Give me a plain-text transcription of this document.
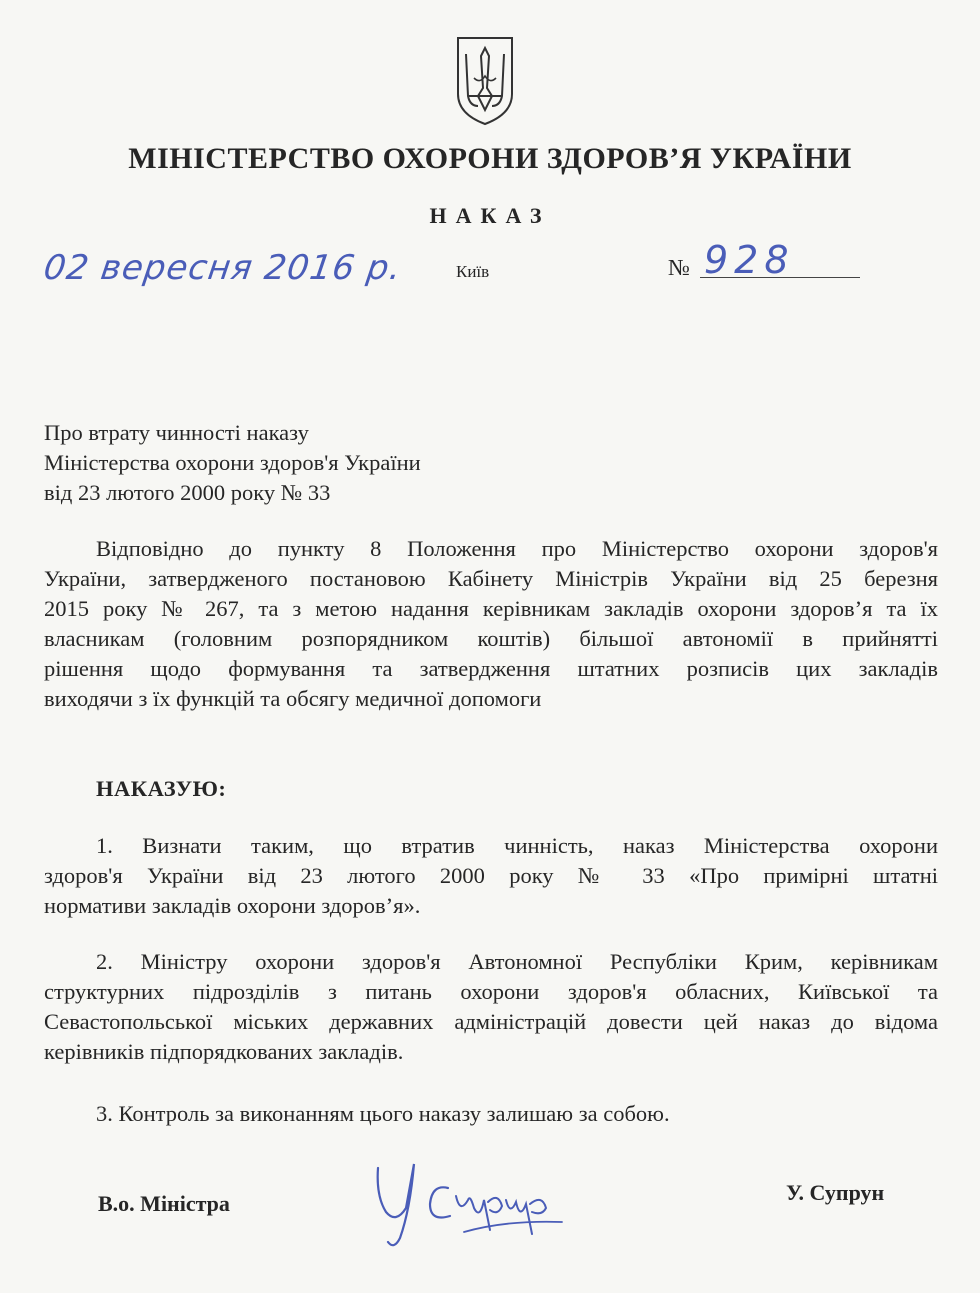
МІНІСТЕРСТВО ОХОРОНИ ЗДОРОВ’Я УКРАЇНИ
НАКАЗ
02 вересня 2016 р.	Київ	№ 928
Про втрату чинності наказу
Міністерства охорони здоров'я України
від 23 лютого 2000 року № 33
Відповідно до пункту 8 Положення про Міністерство охорони здоров'я
України, затвердженого постановою Кабінету Міністрів України від 25 березня
2015 року № 267, та з метою надання керівникам закладів охорони здоров’я та їх
власникам (головним розпорядником коштів) більшої автономії в прийнятті
рішення щодо формування та затвердження штатних розписів цих закладів
виходячи з їх функцій та обсягу медичної допомоги
НАКАЗУЮ:
1. Визнати таким, що втратив чинність, наказ Міністерства охорони
здоров'я України від 23 лютого 2000 року № 33 «Про примірні штатні
нормативи закладів охорони здоров’я».
2. Міністру охорони здоров'я Автономної Республіки Крим, керівникам
структурних підрозділів з питань охорони здоров'я обласних, Київської та
Севастопольської міських державних адміністрацій довести цей наказ до відома
керівників підпорядкованих закладів.
3. Контроль за виконанням цього наказу залишаю за собою.
В.о. Міністра	У. Супрун
